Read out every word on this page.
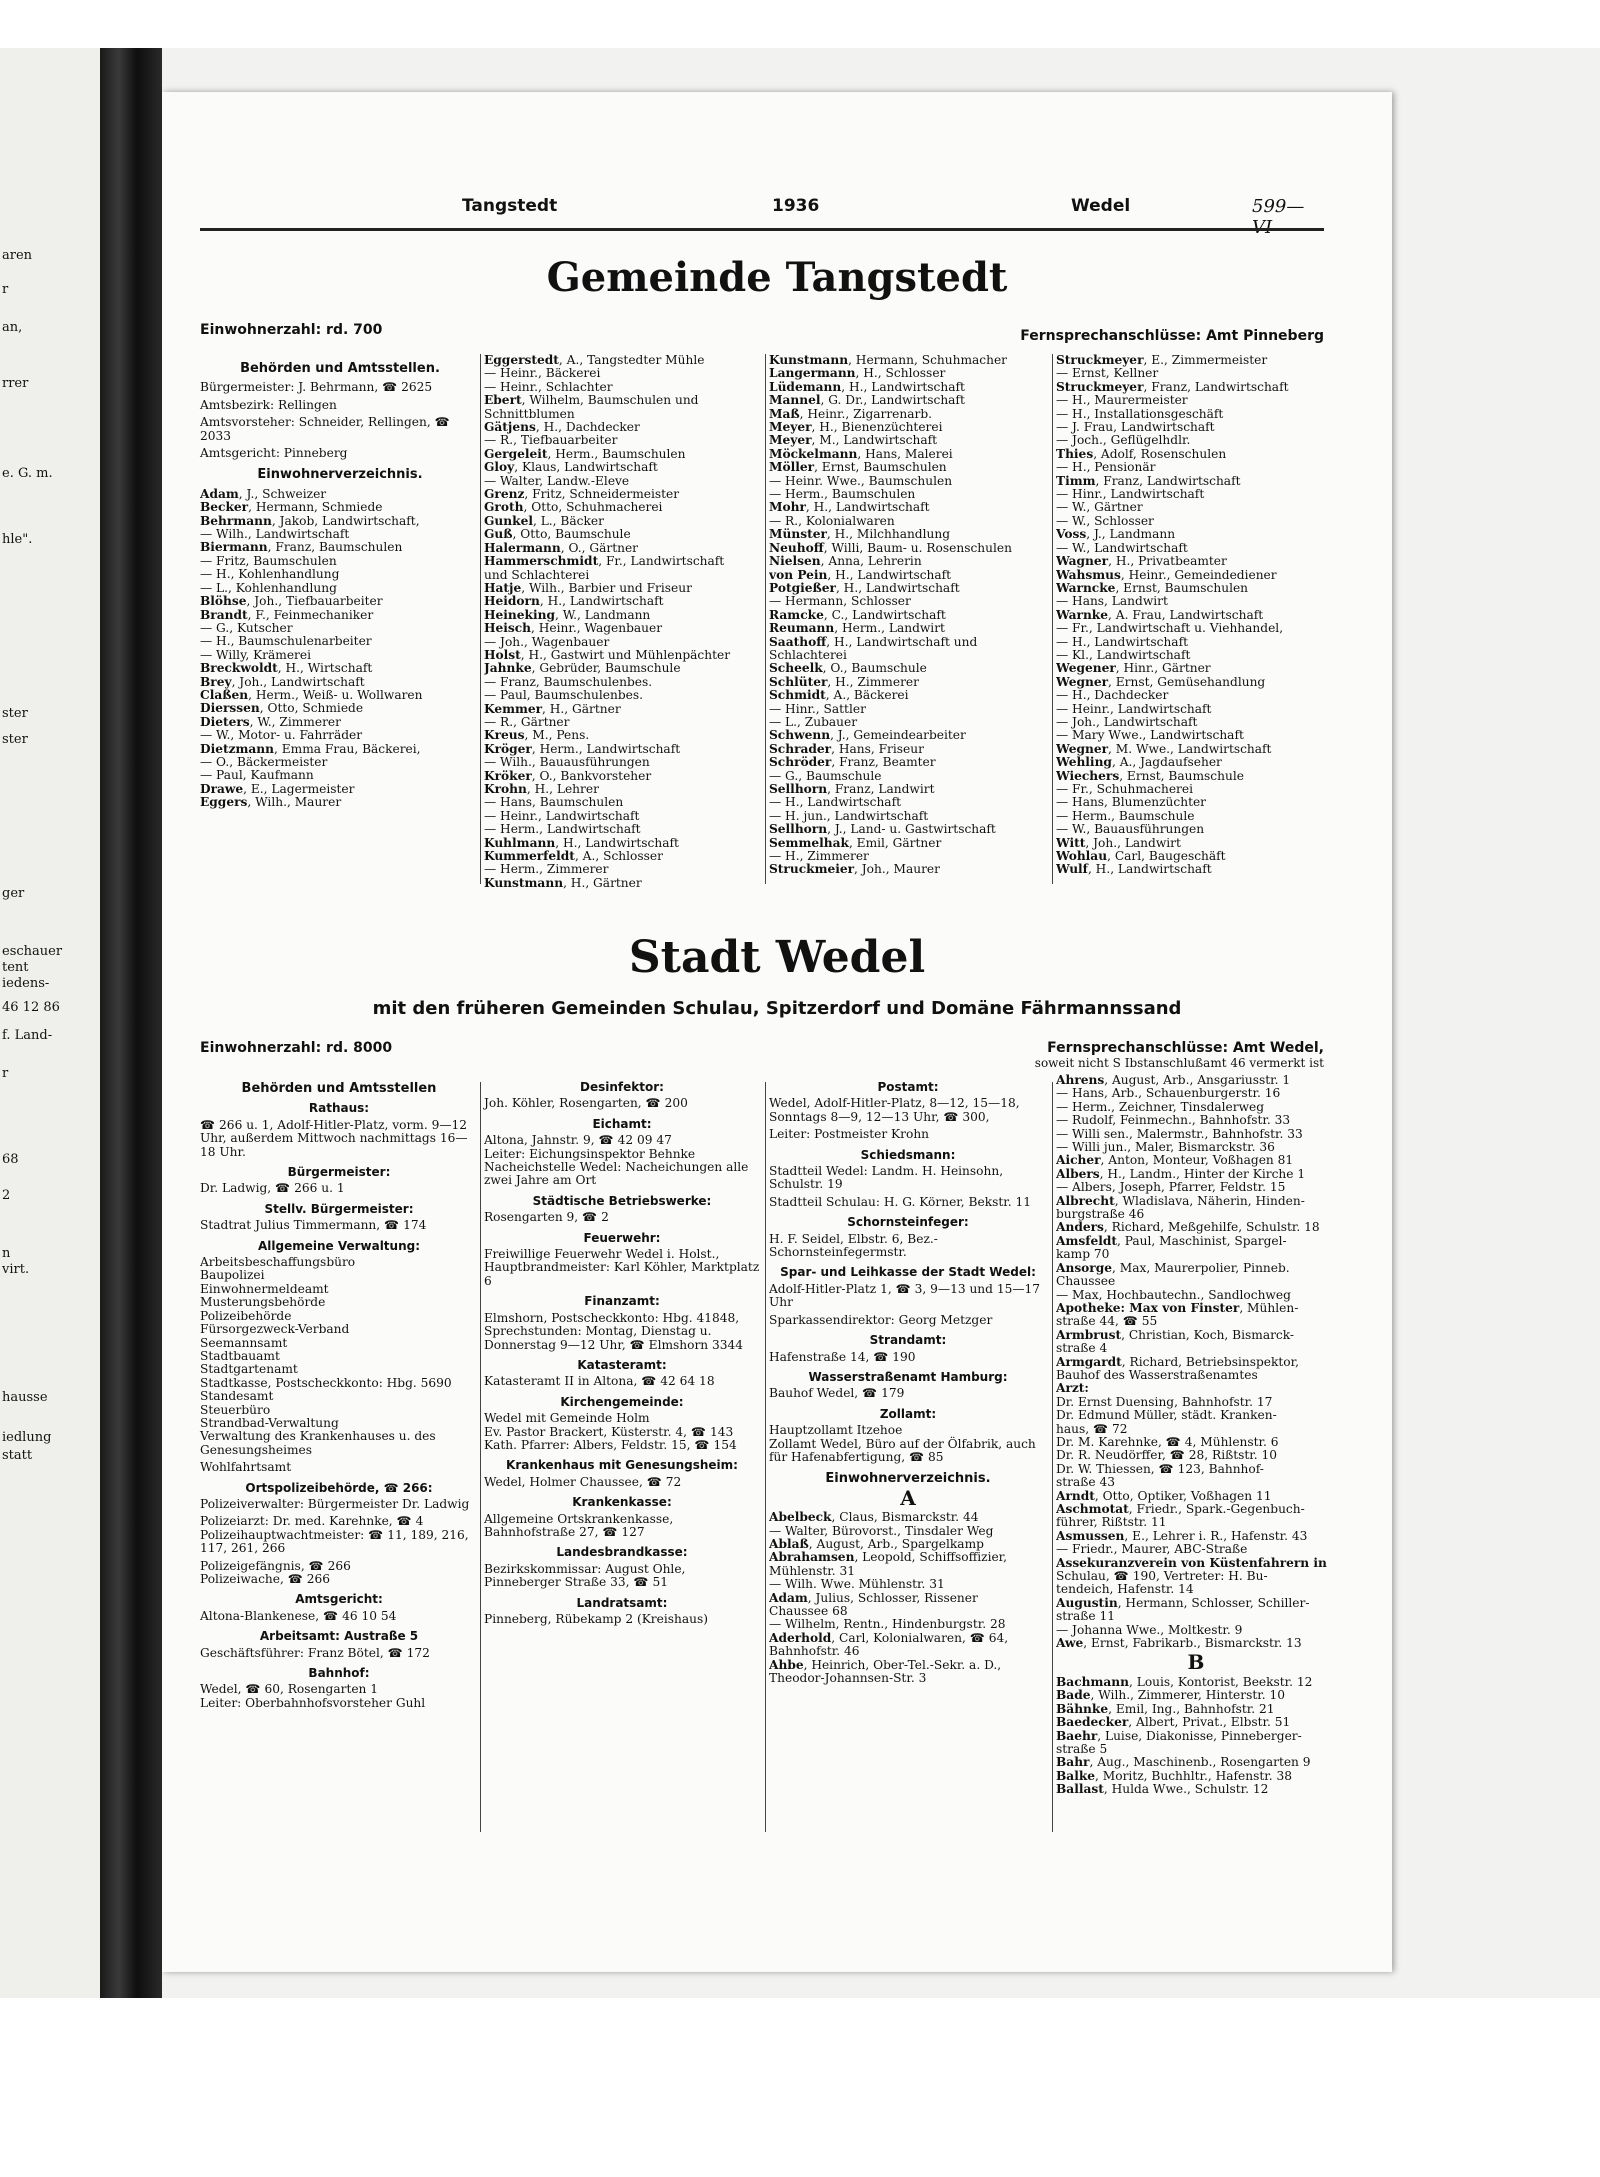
aren
r
an,
rrer
e. G. m.
hle".
ster
ster
ger
eschauer
tent
iedens-
46 12 86
f. Land-
r
68
2
n
virt.
hausse
iedlung
statt
Tangstedt	1936	Wedel	599—
Gemeinde Tangstedt
Einwohnerzahl: rd. 700	Fernsprechanschlüsse: Amt Pinneberg
Behörden und Amtsstellen.
Bürgermeister: J. Behrmann, ☎ 2625
Amtsbezirk: Rellingen
Amtsvorsteher: Schneider, Rellingen, ☎ 2033
Amtsgericht: Pinneberg
Einwohnerverzeichnis.
Adam, J., Schweizer
Becker, Hermann, Schmiede
Behrmann, Jakob, Landwirtschaft,
— Wilh., Landwirtschaft
Biermann, Franz, Baumschulen
— Fritz, Baumschulen
— H., Kohlenhandlung
— L., Kohlenhandlung
Blöhse, Joh., Tiefbauarbeiter
Brandt, F., Feinmechaniker
— G., Kutscher
— H., Baumschulenarbeiter
— Willy, Krämerei
Breckwoldt, H., Wirtschaft
Brey, Joh., Landwirtschaft
Claßen, Herm., Weiß- u. Wollwaren
Dierssen, Otto, Schmiede
Dieters, W., Zimmerer
— W., Motor- u. Fahrräder
Dietzmann, Emma Frau, Bäckerei,
— O., Bäckermeister
— Paul, Kaufmann
Drawe, E., Lagermeister
Eggers, Wilh., Maurer
Eggerstedt, A., Tangstedter Mühle
— Heinr., Bäckerei
— Heinr., Schlachter
Ebert, Wilhelm, Baumschulen und
Schnittblumen
Gätjens, H., Dachdecker
— R., Tiefbauarbeiter
Gergeleit, Herm., Baumschulen
Gloy, Klaus, Landwirtschaft
— Walter, Landw.-Eleve
Grenz, Fritz, Schneidermeister
Groth, Otto, Schuhmacherei
Gunkel, L., Bäcker
Guß, Otto, Baumschule
Halermann, O., Gärtner
Hammerschmidt, Fr., Landwirtschaft
und Schlachterei
Hatje, Wilh., Barbier und Friseur
Heidorn, H., Landwirtschaft
Heineking, W., Landmann
Heisch, Heinr., Wagenbauer
— Joh., Wagenbauer
Holst, H., Gastwirt und Mühlenpächter
Jahnke, Gebrüder, Baumschule
— Franz, Baumschulenbes.
— Paul, Baumschulenbes.
Kemmer, H., Gärtner
— R., Gärtner
Kreus, M., Pens.
Kröger, Herm., Landwirtschaft
— Wilh., Bauausführungen
Kröker, O., Bankvorsteher
Krohn, H., Lehrer
— Hans, Baumschulen
— Heinr., Landwirtschaft
— Herm., Landwirtschaft
Kuhlmann, H., Landwirtschaft
Kummerfeldt, A., Schlosser
— Herm., Zimmerer
Kunstmann, H., Gärtner
Kunstmann, Hermann, Schuhmacher
Langermann, H., Schlosser
Lüdemann, H., Landwirtschaft
Mannel, G. Dr., Landwirtschaft
Maß, Heinr., Zigarrenarb.
Meyer, H., Bienenzüchterei
Meyer, M., Landwirtschaft
Möckelmann, Hans, Malerei
Möller, Ernst, Baumschulen
— Heinr. Wwe., Baumschulen
— Herm., Baumschulen
Mohr, H., Landwirtschaft
— R., Kolonialwaren
Münster, H., Milchhandlung
Neuhoff, Willi, Baum- u. Rosenschulen
Nielsen, Anna, Lehrerin
von Pein, H., Landwirtschaft
Potgießer, H., Landwirtschaft
— Hermann, Schlosser
Ramcke, C., Landwirtschaft
Reumann, Herm., Landwirt
Saathoff, H., Landwirtschaft und
Schlachterei
Scheelk, O., Baumschule
Schlüter, H., Zimmerer
Schmidt, A., Bäckerei
— Hinr., Sattler
— L., Zubauer
Schwenn, J., Gemeindearbeiter
Schrader, Hans, Friseur
Schröder, Franz, Beamter
— G., Baumschule
Sellhorn, Franz, Landwirt
— H., Landwirtschaft
— H. jun., Landwirtschaft
Sellhorn, J., Land- u. Gastwirtschaft
Semmelhak, Emil, Gärtner
— H., Zimmerer
Struckmeier, Joh., Maurer
Struckmeyer, E., Zimmermeister
— Ernst, Kellner
Struckmeyer, Franz, Landwirtschaft
— H., Maurermeister
— H., Installationsgeschäft
— J. Frau, Landwirtschaft
— Joch., Geflügelhdlr.
Thies, Adolf, Rosenschulen
— H., Pensionär
Timm, Franz, Landwirtschaft
— Hinr., Landwirtschaft
— W., Gärtner
— W., Schlosser
Voss, J., Landmann
— W., Landwirtschaft
Wagner, H., Privatbeamter
Wahsmus, Heinr., Gemeindediener
Warncke, Ernst, Baumschulen
— Hans, Landwirt
Warnke, A. Frau, Landwirtschaft
— Fr., Landwirtschaft u. Viehhandel,
— H., Landwirtschaft
— Kl., Landwirtschaft
Wegener, Hinr., Gärtner
Wegner, Ernst, Gemüsehandlung
— H., Dachdecker
— Heinr., Landwirtschaft
— Joh., Landwirtschaft
— Mary Wwe., Landwirtschaft
Wegner, M. Wwe., Landwirtschaft
Wehling, A., Jagdaufseher
Wiechers, Ernst, Baumschule
— Fr., Schuhmacherei
— Hans, Blumenzüchter
— Herm., Baumschule
— W., Bauausführungen
Witt, Joh., Landwirt
Wohlau, Carl, Baugeschäft
Wulf, H., Landwirtschaft
Stadt Wedel
mit den früheren Gemeinden Schulau, Spitzerdorf und Domäne Fährmannssand
Einwohnerzahl: rd. 8000	Fernsprechanschlüsse: Amt Wedel,
soweit nicht S Ibstanschlußamt 46 vermerkt ist
Behörden und Amtsstellen
Rathaus:
☎ 266 u. 1, Adolf-Hitler-Platz, vorm. 9—12 Uhr, außerdem Mittwoch nachmittags 16—18 Uhr.
Bürgermeister:
Dr. Ladwig, ☎ 266 u. 1
Stellv. Bürgermeister:
Stadtrat Julius Timmermann, ☎ 174
Allgemeine Verwaltung:
Arbeitsbeschaffungsbüro
Baupolizei
Einwohnermeldeamt
Musterungsbehörde
Polizeibehörde
Fürsorgezweck-Verband
Seemannsamt
Stadtbauamt
Stadtgartenamt
Stadtkasse, Postscheckkonto: Hbg. 5690
Standesamt
Steuerbüro
Strandbad-Verwaltung
Verwaltung des Krankenhauses u. des Genesungsheimes
Wohlfahrtsamt
Ortspolizeibehörde, ☎ 266:
Polizeiverwalter: Bürgermeister Dr. Ladwig
Polizeiarzt: Dr. med. Karehnke, ☎ 4
Polizeihauptwachtmeister: ☎ 11, 189, 216, 117, 261, 266
Polizeigefängnis, ☎ 266
Polizeiwache, ☎ 266
Amtsgericht:
Altona-Blankenese, ☎ 46 10 54
Arbeitsamt: Austraße 5
Geschäftsführer: Franz Bötel, ☎ 172
Bahnhof:
Wedel, ☎ 60, Rosengarten 1
Leiter: Oberbahnhofsvorsteher Guhl
Desinfektor:
Joh. Köhler, Rosengarten, ☎ 200
Eichamt:
Altona, Jahnstr. 9, ☎ 42 09 47
Leiter: Eichungsinspektor Behnke
Nacheichstelle Wedel: Nacheichungen alle zwei Jahre am Ort
Städtische Betriebswerke:
Rosengarten 9, ☎ 2
Feuerwehr:
Freiwillige Feuerwehr Wedel i. Holst., Hauptbrandmeister: Karl Köhler, Marktplatz 6
Finanzamt:
Elmshorn, Postscheckkonto: Hbg. 41848, Sprechstunden: Montag, Dienstag u. Donnerstag 9—12 Uhr, ☎ Elmshorn 3344
Katasteramt:
Katasteramt II in Altona, ☎ 42 64 18
Kirchengemeinde:
Wedel mit Gemeinde Holm
Ev. Pastor Brackert, Küsterstr. 4, ☎ 143
Kath. Pfarrer: Albers, Feldstr. 15, ☎ 154
Krankenhaus mit Genesungsheim:
Wedel, Holmer Chaussee, ☎ 72
Krankenkasse:
Allgemeine Ortskrankenkasse, Bahnhofstraße 27, ☎ 127
Landesbrandkasse:
Bezirkskommissar: August Ohle, Pinneberger Straße 33, ☎ 51
Landratsamt:
Pinneberg, Rübekamp 2 (Kreishaus)
Postamt:
Wedel, Adolf-Hitler-Platz, 8—12, 15—18, Sonntags 8—9, 12—13 Uhr, ☎ 300,
Leiter: Postmeister Krohn
Schiedsmann:
Stadtteil Wedel: Landm. H. Heinsohn, Schulstr. 19
Stadtteil Schulau: H. G. Körner, Bekstr. 11
Schornsteinfeger:
H. F. Seidel, Elbstr. 6, Bez.-Schornsteinfegermstr.
Spar- und Leihkasse der Stadt Wedel:
Adolf-Hitler-Platz 1, ☎ 3, 9—13 und 15—17 Uhr
Sparkassendirektor: Georg Metzger
Strandamt:
Hafenstraße 14, ☎ 190
Wasserstraßenamt Hamburg:
Bauhof Wedel, ☎ 179
Zollamt:
Hauptzollamt Itzehoe
Zollamt Wedel, Büro auf der Ölfabrik, auch für Hafenabfertigung, ☎ 85
Einwohnerverzeichnis.
A
Abelbeck, Claus, Bismarckstr. 44
— Walter, Bürovorst., Tinsdaler Weg
Ablaß, August, Arb., Spargelkamp
Abrahamsen, Leopold, Schiffsoffizier,
Mühlenstr. 31
— Wilh. Wwe. Mühlenstr. 31
Adam, Julius, Schlosser, Rissener
Chaussee 68
— Wilhelm, Rentn., Hindenburgstr. 28
Aderhold, Carl, Kolonialwaren, ☎ 64,
Bahnhofstr. 46
Ahbe, Heinrich, Ober-Tel.-Sekr. a. D.,
Theodor-Johannsen-Str. 3
Ahrens, August, Arb., Ansgariusstr. 1
— Hans, Arb., Schauenburgerstr. 16
— Herm., Zeichner, Tinsdalerweg
— Rudolf, Feinmechn., Bahnhofstr. 33
— Willi sen., Malermstr., Bahnhofstr. 33
— Willi jun., Maler, Bismarckstr. 36
Aicher, Anton, Monteur, Voßhagen 81
Albers, H., Landm., Hinter der Kirche 1
— Albers, Joseph, Pfarrer, Feldstr. 15
Albrecht, Wladislava, Näherin, Hinden-
burgstraße 46
Anders, Richard, Meßgehilfe, Schulstr. 18
Amsfeldt, Paul, Maschinist, Spargel-
kamp 70
Ansorge, Max, Maurerpolier, Pinneb.
Chaussee
— Max, Hochbautechn., Sandlochweg
Apotheke: Max von Finster, Mühlen-
straße 44, ☎ 55
Armbrust, Christian, Koch, Bismarck-
straße 4
Armgardt, Richard, Betriebsinspektor,
Bauhof des Wasserstraßenamtes
Arzt:
Dr. Ernst Duensing, Bahnhofstr. 17
Dr. Edmund Müller, städt. Kranken-
haus, ☎ 72
Dr. M. Karehnke, ☎ 4, Mühlenstr. 6
Dr. R. Neudörffer, ☎ 28, Rißtstr. 10
Dr. W. Thiessen, ☎ 123, Bahnhof-
straße 43
Arndt, Otto, Optiker, Voßhagen 11
Aschmotat, Friedr., Spark.-Gegenbuch-
führer, Rißtstr. 11
Asmussen, E., Lehrer i. R., Hafenstr. 43
— Friedr., Maurer, ABC-Straße
Assekuranzverein von Küstenfahrern in
Schulau, ☎ 190, Vertreter: H. Bu-
tendeich, Hafenstr. 14
Augustin, Hermann, Schlosser, Schiller-
straße 11
— Johanna Wwe., Moltkestr. 9
Awe, Ernst, Fabrikarb., Bismarckstr. 13
B
Bachmann, Louis, Kontorist, Beekstr. 12
Bade, Wilh., Zimmerer, Hinterstr. 10
Bähnke, Emil, Ing., Bahnhofstr. 21
Baedecker, Albert, Privat., Elbstr. 51
Baehr, Luise, Diakonisse, Pinneberger-
straße 5
Bahr, Aug., Maschinenb., Rosengarten 9
Balke, Moritz, Buchhltr., Hafenstr. 38
Ballast, Hulda Wwe., Schulstr. 12
